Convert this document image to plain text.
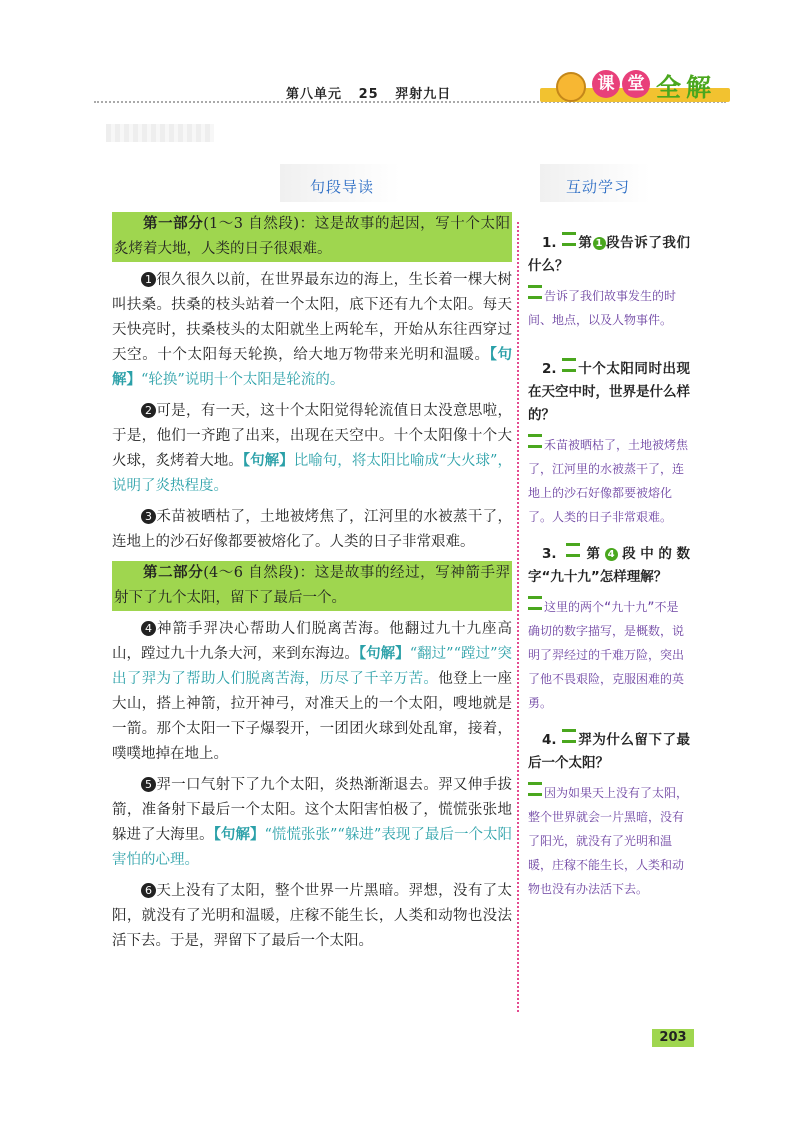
第八单元 25 羿射九日
课 堂 全 解
句段导读	互动学习

第一部分(1～3 自然段)：这是故事的起因，写十个太阳炙烤着大地，人类的日子很艰难。

1 很久很久以前，在世界最东边的海上，生长着一棵大树叫扶桑。扶桑的枝头站着一个太阳，底下还有九个太阳。每天天快亮时，扶桑枝头的太阳就坐上两轮车，开始从东往西穿过天空。十个太阳每天轮换，给大地万物带来光明和温暖。【句解】“轮换”说明十个太阳是轮流的。

2 可是，有一天，这十个太阳觉得轮流值日太没意思啦，于是，他们一齐跑了出来，出现在天空中。十个太阳像十个大火球，炙烤着大地。【句解】比喻句，将太阳比喻成“大火球”，说明了炎热程度。

3 禾苗被晒枯了，土地被烤焦了，江河里的水被蒸干了，连地上的沙石好像都要被熔化了。人类的日子非常艰难。

第二部分(4～6 自然段)：这是故事的经过，写神箭手羿射下了九个太阳，留下了最后一个。

4 神箭手羿决心帮助人们脱离苦海。他翻过九十九座高山，蹚过九十九条大河，来到东海边。【句解】“翻过”“蹚过”突出了羿为了帮助人们脱离苦海，历尽了千辛万苦。他登上一座大山，搭上神箭，拉开神弓，对准天上的一个太阳，嗖地就是一箭。那个太阳一下子爆裂开，一团团火球到处乱窜，接着，噗噗地掉在地上。

5 羿一口气射下了九个太阳，炎热渐渐退去。羿又伸手拔箭，准备射下最后一个太阳。这个太阳害怕极了，慌慌张张地躲进了大海里。【句解】“慌慌张张”“躲进”表现了最后一个太阳害怕的心理。

6 天上没有了太阳，整个世界一片黑暗。羿想，没有了太阳，就没有了光明和温暖，庄稼不能生长，人类和动物也没法活下去。于是，羿留下了最后一个太阳。

1. 第 1 段告诉了我们什么？

告诉了我们故事发生的时间、地点，以及人物事件。

2. 十个太阳同时出现在天空中时，世界是什么样的？

禾苗被晒枯了，土地被烤焦了，江河里的水被蒸干了，连地上的沙石好像都要被熔化了。人类的日子非常艰难。

3. 第 4 段中的数字“九十九”怎样理解？

这里的两个“九十九”不是确切的数字描写，是概数，说明了羿经过的千难万险，突出了他不畏艰险，克服困难的英勇。

4. 羿为什么留下了最后一个太阳？

因为如果天上没有了太阳，整个世界就会一片黑暗，没有了阳光，就没有了光明和温暖，庄稼不能生长，人类和动物也没有办法活下去。

203
